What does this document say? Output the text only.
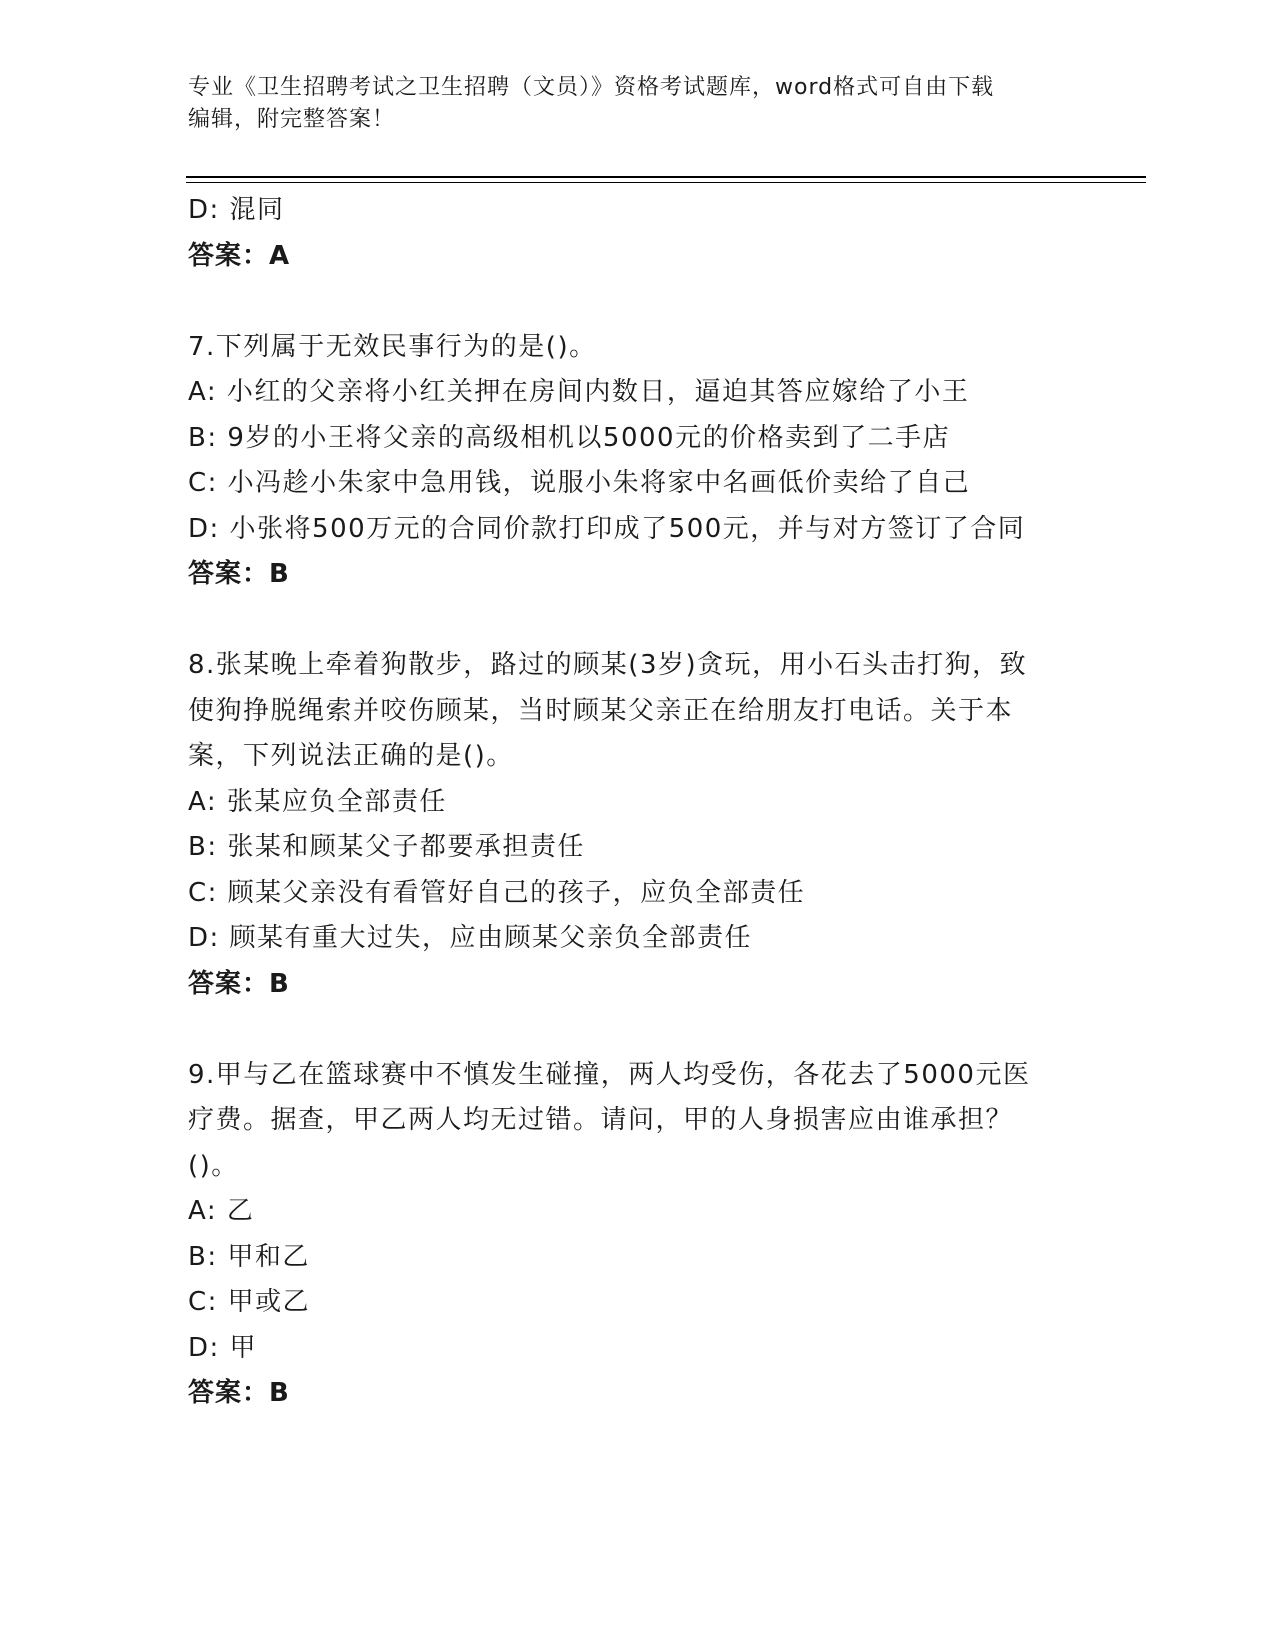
专业《卫生招聘考试之卫生招聘（文员）》资格考试题库，word格式可自由下载
编辑，附完整答案！
D: 混同
答案：A
7.下列属于无效民事行为的是()。
A: 小红的父亲将小红关押在房间内数日，逼迫其答应嫁给了小王
B: 9岁的小王将父亲的高级相机以5000元的价格卖到了二手店
C: 小冯趁小朱家中急用钱，说服小朱将家中名画低价卖给了自己
D: 小张将500万元的合同价款打印成了500元，并与对方签订了合同
答案：B
8.张某晚上牵着狗散步，路过的顾某(3岁)贪玩，用小石头击打狗，致
使狗挣脱绳索并咬伤顾某，当时顾某父亲正在给朋友打电话。关于本
案，下列说法正确的是()。
A: 张某应负全部责任
B: 张某和顾某父子都要承担责任
C: 顾某父亲没有看管好自己的孩子，应负全部责任
D: 顾某有重大过失，应由顾某父亲负全部责任
答案：B
9.甲与乙在篮球赛中不慎发生碰撞，两人均受伤，各花去了5000元医
疗费。据查，甲乙两人均无过错。请问，甲的人身损害应由谁承担？
()。
A: 乙
B: 甲和乙
C: 甲或乙
D: 甲
答案：B
